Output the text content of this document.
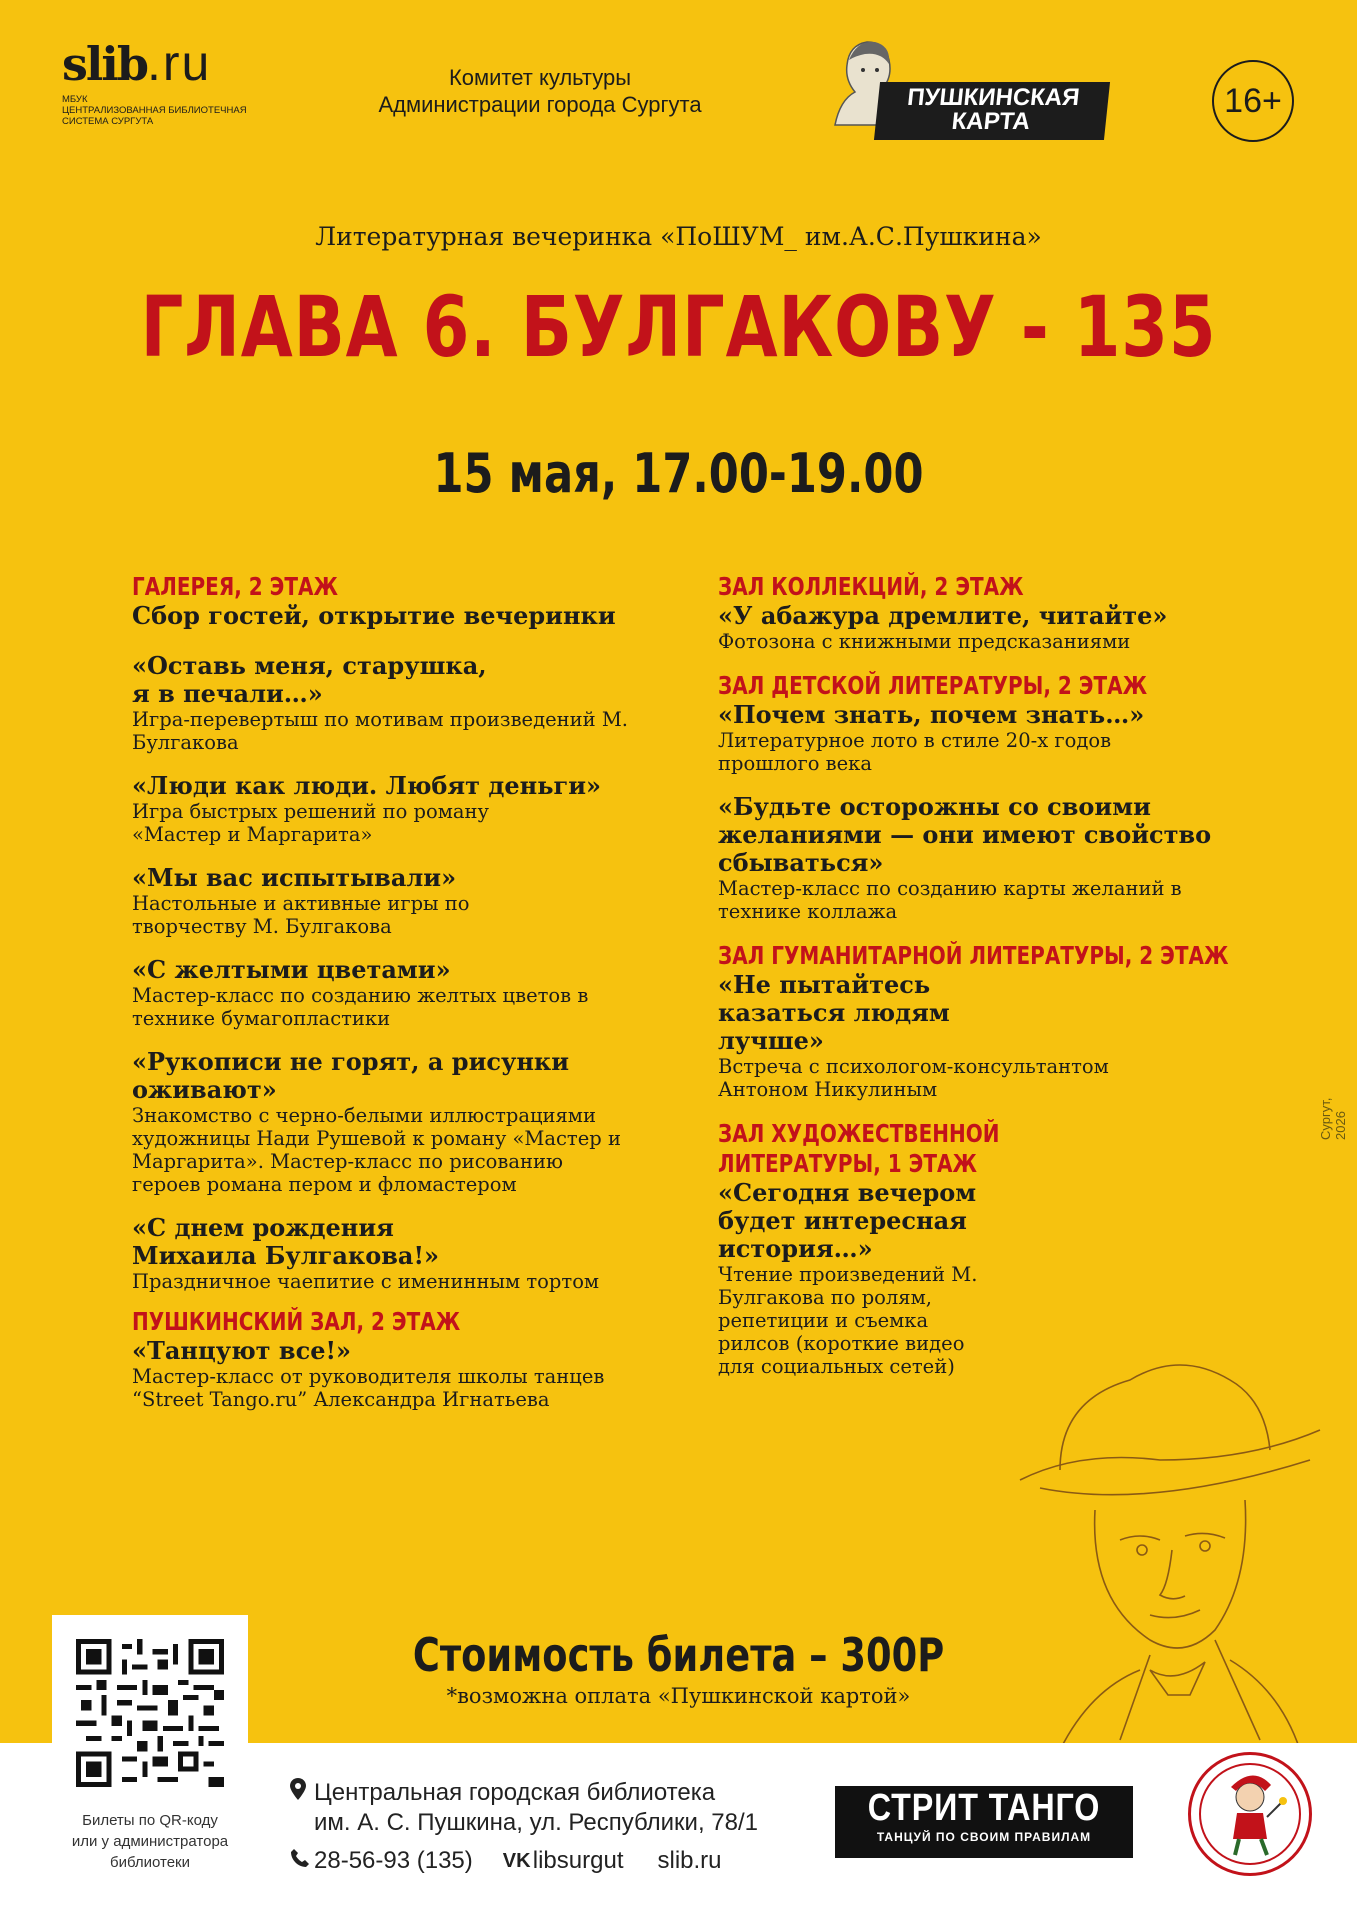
slib.ru
МБУК
ЦЕНТРАЛИЗОВАННАЯ БИБЛИОТЕЧНАЯ
СИСТЕМА СУРГУТА
Комитет культуры
Администрации города Сургута	ПУШКИНСКАЯ
КАРТА
16+
Литературная вечеринка «ПоШУМ_ им.А.С.Пушкина»
ГЛАВА 6. БУЛГАКОВУ - 135
15 мая, 17.00-19.00
ГАЛЕРЕЯ, 2 ЭТАЖ
Сбор гостей, открытие вечеринки
«Оставь меня, старушка, я в печали…»
Игра-перевертыш по мотивам произведений М. Булгакова
«Люди как люди. Любят деньги»
Игра быстрых решений по роману «Мастер и Маргарита»
«Мы вас испытывали»
Настольные и активные игры по творчеству М. Булгакова
«С желтыми цветами»
Мастер-класс по созданию желтых цветов в технике бумагопластики
«Рукописи не горят, а рисунки оживают»
Знакомство с черно-белыми иллюстрациями художницы Нади Рушевой к роману «Мастер и Маргарита». Мастер-класс по рисованию героев романа пером и фломастером
«С днем рождения Михаила Булгакова!»
Праздничное чаепитие с именинным тортом
ПУШКИНСКИЙ ЗАЛ, 2 ЭТАЖ
«Танцуют все!»
Мастер-класс от руководителя школы танцев “Street Tango.ru” Александра Игнатьева
ЗАЛ КОЛЛЕКЦИЙ, 2 ЭТАЖ
«У абажура дремлите, читайте»
Фотозона с книжными предсказаниями
ЗАЛ ДЕТСКОЙ ЛИТЕРАТУРЫ, 2 ЭТАЖ
«Почем знать, почем знать…»
Литературное лото в стиле 20-х годов прошлого века
«Будьте осторожны со своими желаниями — они имеют свойство сбываться»
Мастер-класс по созданию карты желаний в технике коллажа
ЗАЛ ГУМАНИТАРНОЙ ЛИТЕРАТУРЫ, 2 ЭТАЖ
«Не пытайтесь казаться людям лучше»
Встреча с психологом-консультантом Антоном Никулиным
ЗАЛ ХУДОЖЕСТВЕННОЙ ЛИТЕРАТУРЫ, 1 ЭТАЖ
«Сегодня вечером будет интересная история…»
Чтение произведений М. Булгакова по ролям, репетиции и съемка рилсов (короткие видео для социальных сетей)
Сургут, 2026
Стоимость билета – 300Р
*возможна оплата «Пушкинской картой»
Билеты по QR-коду
или у администратора
библиотеки
Центральная городская библиотека
им. А. С. Пушкина, ул. Республики, 78/1
28-56-93 (135) VK libsurgut slib.ru
СТРИТ ТАНГО
ТАНЦУЙ ПО СВОИМ ПРАВИЛАМ
